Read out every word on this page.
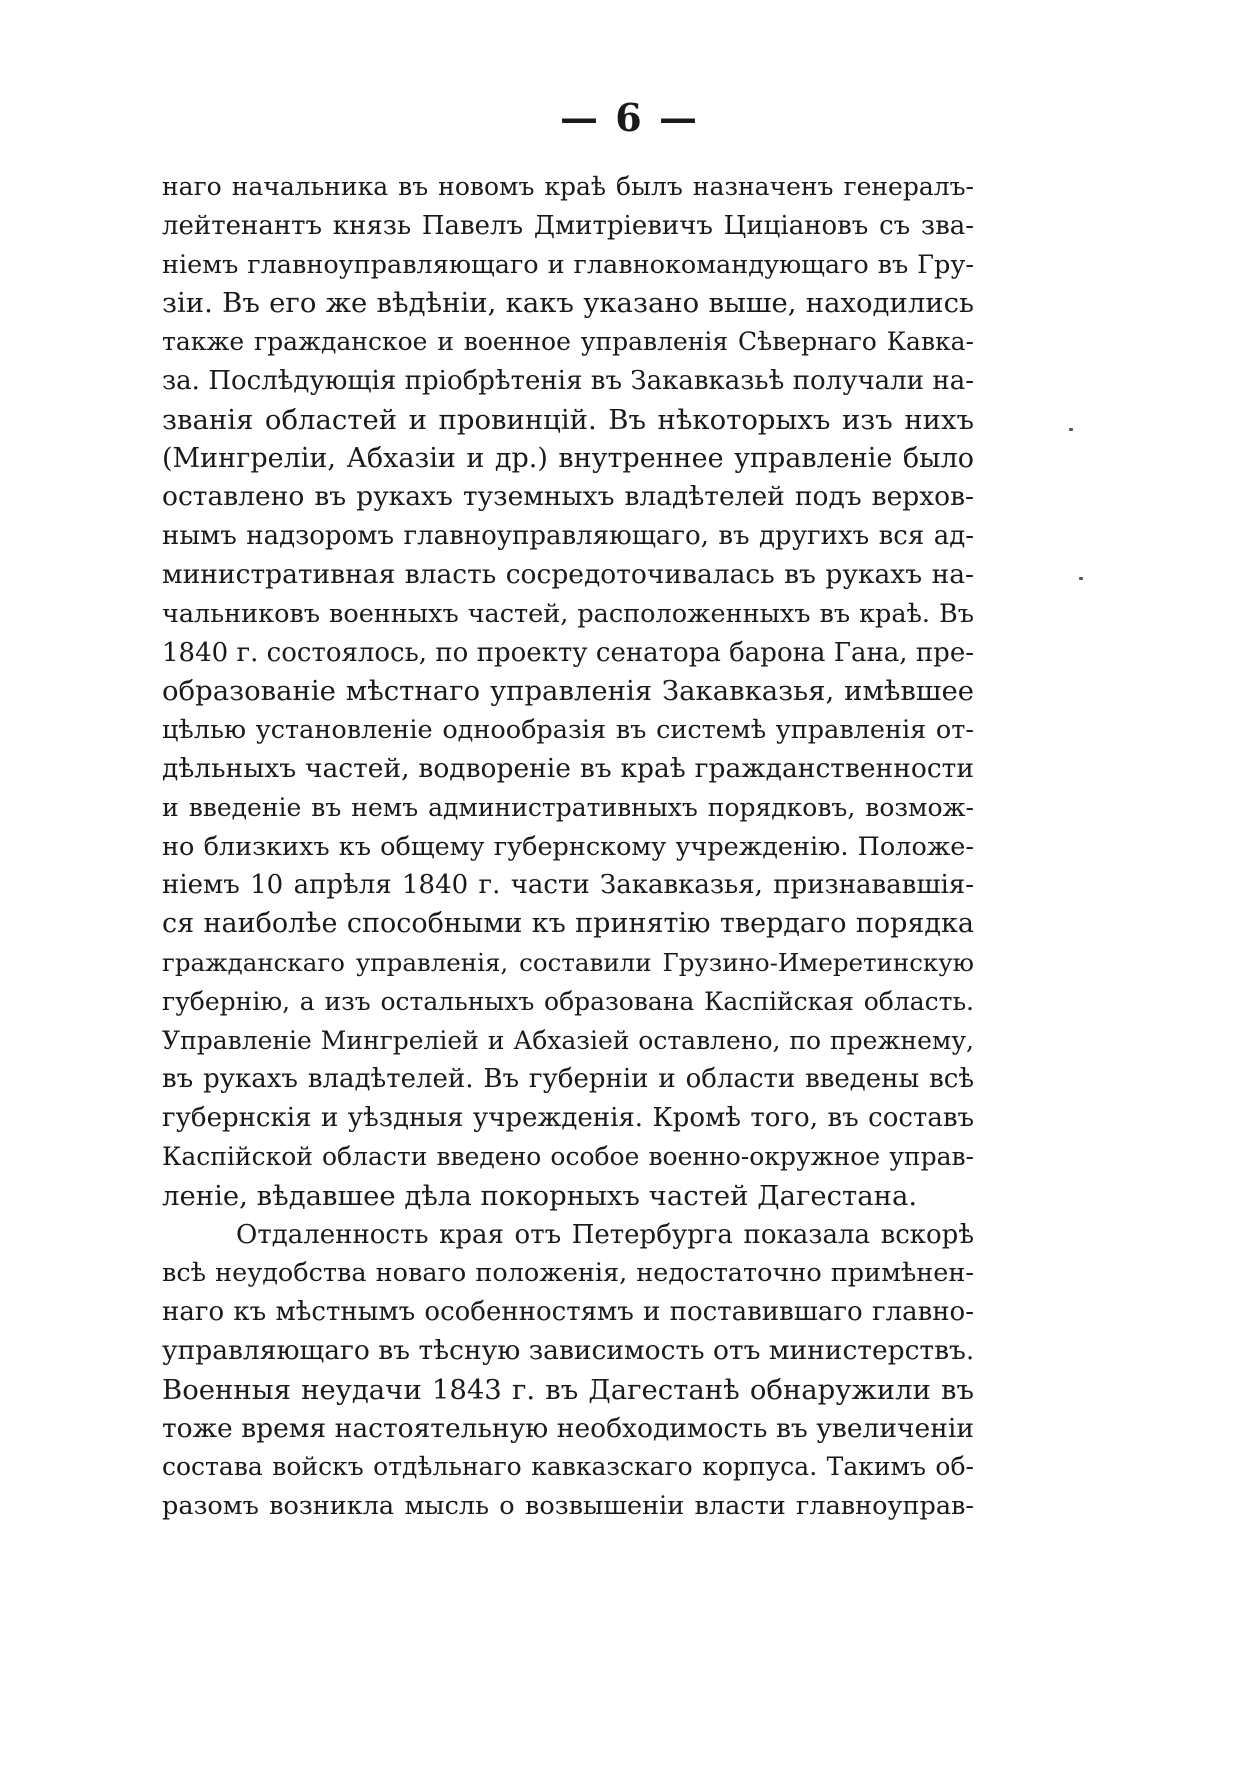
— 6 —
наго начальника въ новомъ краѣ былъ назначенъ генералъ-
лейтенантъ князь Павелъ Дмитріевичъ Циціановъ съ зва-
ніемъ главноуправляющаго и главнокомандующаго въ Гру-
зіи. Въ его же вѣдѣніи, какъ указано выше, находились
также гражданское и военное управленія Сѣвернаго Кавка-
за. Послѣдующія пріобрѣтенія въ Закавказьѣ получали на-
званія областей и провинцій. Въ нѣкоторыхъ изъ нихъ
(Мингреліи, Абхазіи и др.) внутреннее управленіе было
оставлено въ рукахъ туземныхъ владѣтелей подъ верхов-
нымъ надзоромъ главноуправляющаго, въ другихъ вся ад-
министративная власть сосредоточивалась въ рукахъ на-
чальниковъ военныхъ частей, расположенныхъ въ краѣ. Въ
1840 г. состоялось, по проекту сенатора барона Гана, пре-
образованіе мѣстнаго управленія Закавказья, имѣвшее
цѣлью установленіе однообразія въ системѣ управленія от-
дѣльныхъ частей, водвореніе въ краѣ гражданственности
и введеніе въ немъ административныхъ порядковъ, возмож-
но близкихъ къ общему губернскому учрежденію. Положе-
ніемъ 10 апрѣля 1840 г. части Закавказья, признававшія-
ся наиболѣе способными къ принятію твердаго порядка
гражданскаго управленія, составили Грузино-Имеретинскую
губернію, а изъ остальныхъ образована Каспійская область.
Управленіе Мингреліей и Абхазіей оставлено, по прежнему,
въ рукахъ владѣтелей. Въ губерніи и области введены всѣ
губернскія и уѣздныя учрежденія. Кромѣ того, въ составъ
Каспійской области введено особое военно-окружное управ-
леніе, вѣдавшее дѣла покорныхъ частей Дагестана.
Отдаленность края отъ Петербурга показала вскорѣ
всѣ неудобства новаго положенія, недостаточно примѣнен-
наго къ мѣстнымъ особенностямъ и поставившаго главно-
управляющаго въ тѣсную зависимость отъ министерствъ.
Военныя неудачи 1843 г. въ Дагестанѣ обнаружили въ
тоже время настоятельную необходимость въ увеличеніи
состава войскъ отдѣльнаго кавказскаго корпуса. Такимъ об-
разомъ возникла мысль о возвышеніи власти главноуправ-
